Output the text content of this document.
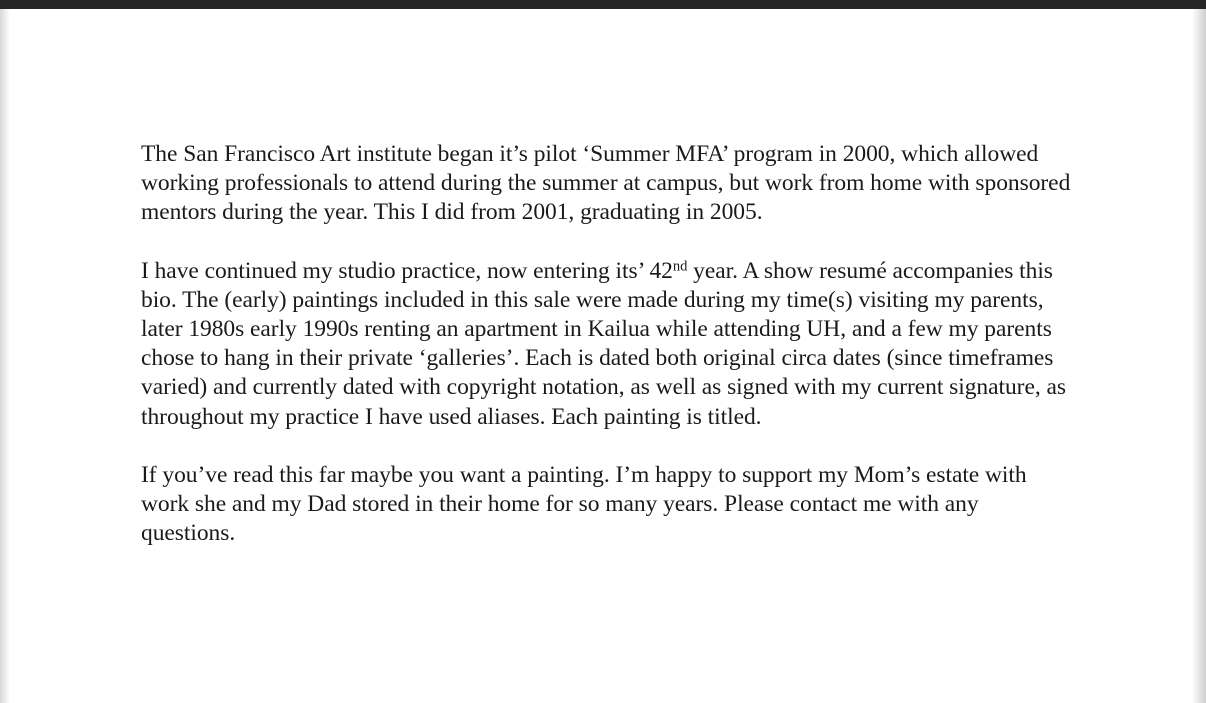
The San Francisco Art institute began it’s pilot ‘Summer MFA’ program in 2000, which allowed working professionals to attend during the summer at campus, but work from home with sponsored mentors during the year. This I did from 2001, graduating in 2005.

I have continued my studio practice, now entering its’ 42nd year. A show resumé accompanies this bio. The (early) paintings included in this sale were made during my time(s) visiting my parents, later 1980s early 1990s renting an apartment in Kailua while attending UH, and a few my parents chose to hang in their private ‘galleries’. Each is dated both original circa dates (since timeframes varied) and currently dated with copyright notation, as well as signed with my current signature, as throughout my practice I have used aliases. Each painting is titled.

If you’ve read this far maybe you want a painting. I’m happy to support my Mom’s estate with work she and my Dad stored in their home for so many years. Please contact me with any questions.
